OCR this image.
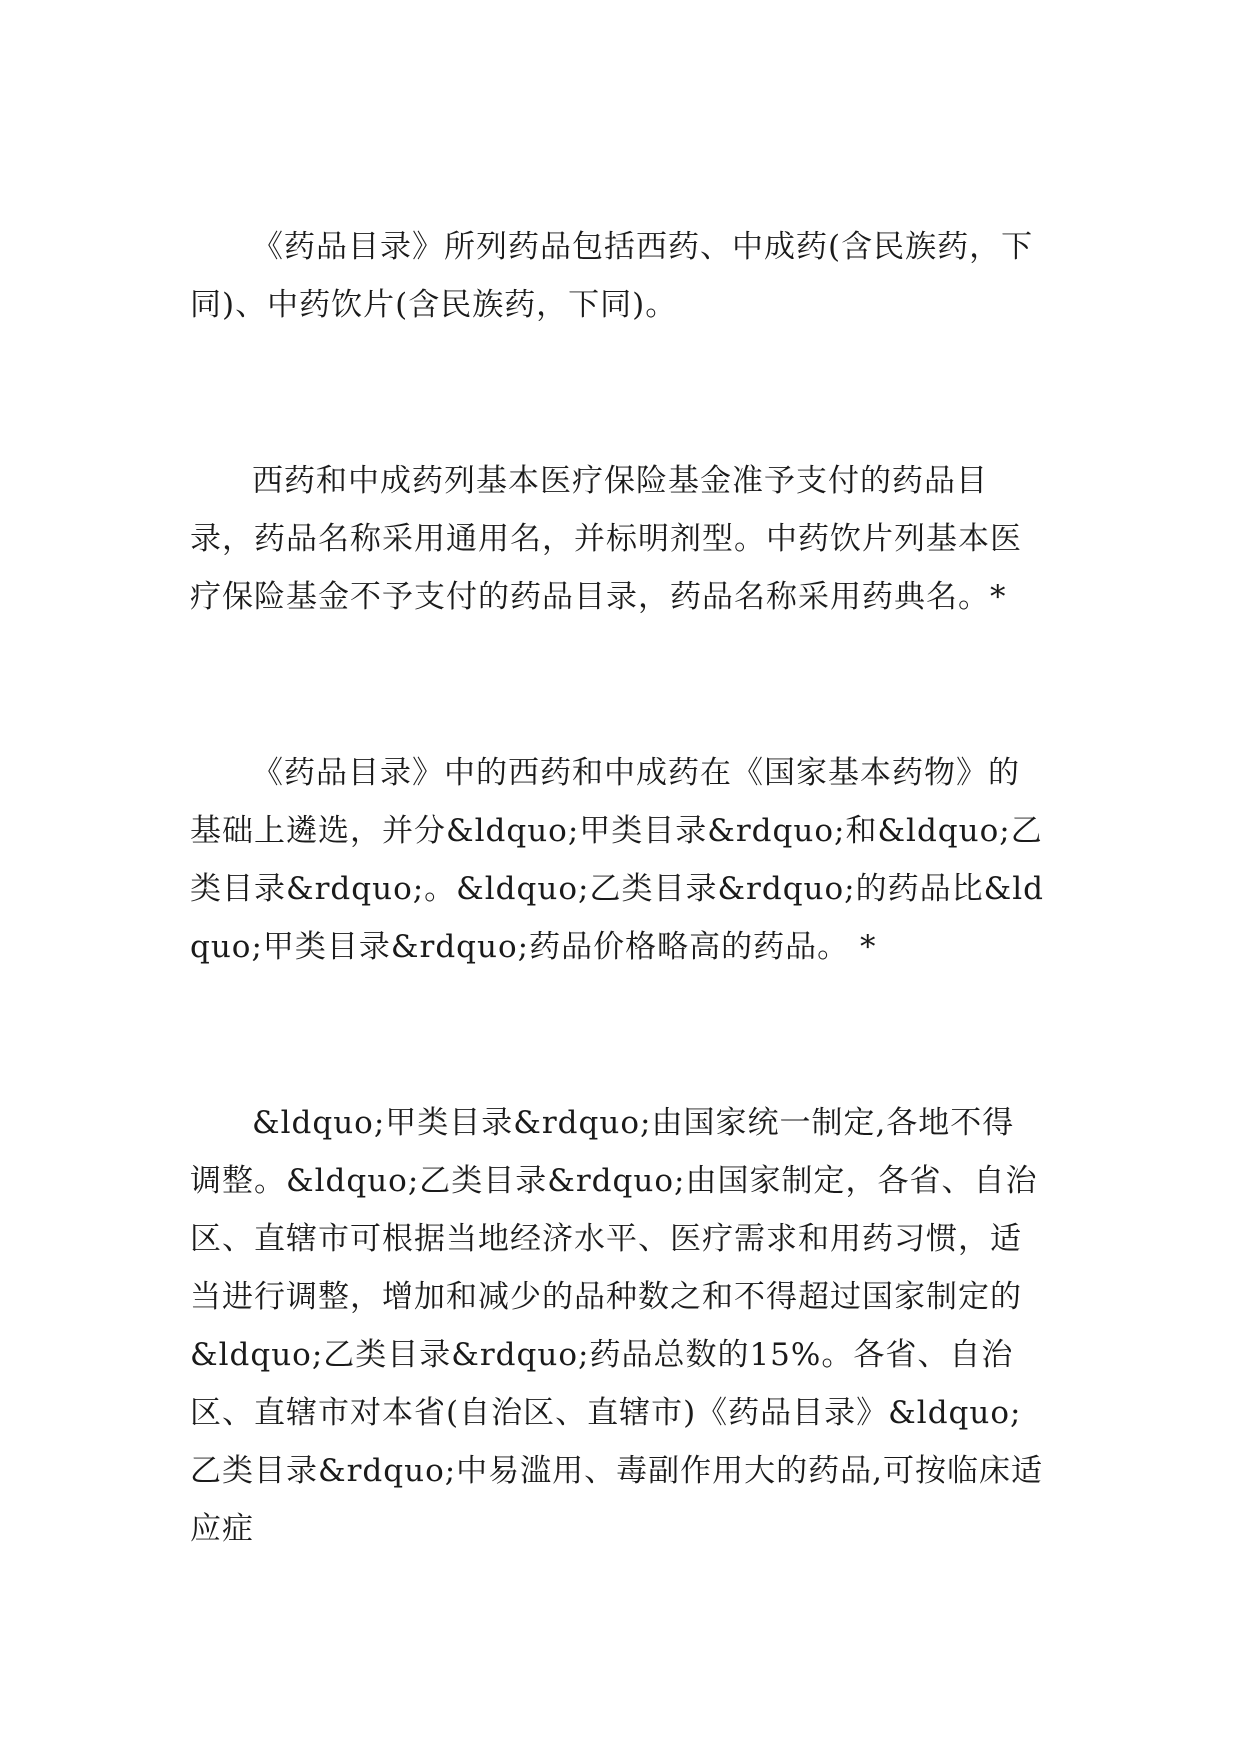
《药品目录》所列药品包括西药、中成药(含民族药，下同)、中药饮片(含民族药，下同)。

西药和中成药列基本医疗保险基金准予支付的药品目录，药品名称采用通用名，并标明剂型。中药饮片列基本医疗保险基金不予支付的药品目录，药品名称采用药典名。*

《药品目录》中的西药和中成药在《国家基本药物》的基础上遴选，并分&ldquo;甲类目录&rdquo;和&ldquo;乙类目录&rdquo;。&ldquo;乙类目录&rdquo;的药品比&ldquo;甲类目录&rdquo;药品价格略高的药品。 *

&ldquo;甲类目录&rdquo;由国家统一制定,各地不得调整。&ldquo;乙类目录&rdquo;由国家制定，各省、自治区、直辖市可根据当地经济水平、医疗需求和用药习惯，适当进行调整，增加和减少的品种数之和不得超过国家制定的&ldquo;乙类目录&rdquo;药品总数的15%。各省、自治区、直辖市对本省(自治区、直辖市)《药品目录》&ldquo;乙类目录&rdquo;中易滥用、毒副作用大的药品,可按临床适应症
